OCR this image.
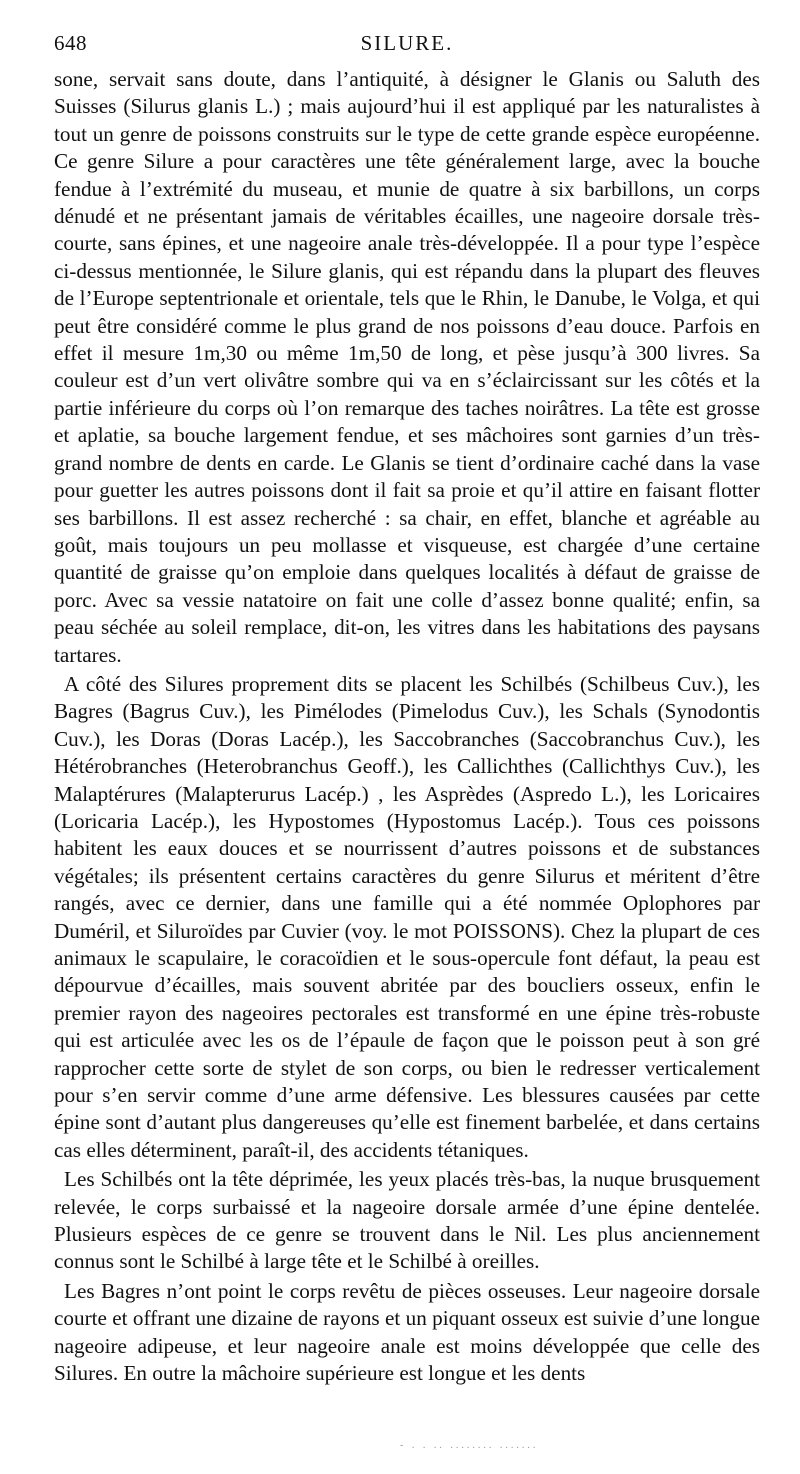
648	SILURE.

sone, servait sans doute, dans l’antiquité, à désigner le Glanis ou Saluth des Suisses (Silurus glanis L.) ; mais aujourd’hui il est appliqué par les naturalistes à tout un genre de poissons construits sur le type de cette grande espèce européenne. Ce genre Silure a pour caractères une tête généralement large, avec la bouche fendue à l’extrémité du museau, et munie de quatre à six barbillons, un corps dénudé et ne présentant jamais de véritables écailles, une nageoire dorsale très-courte, sans épines, et une nageoire anale très-développée. Il a pour type l’espèce ci-dessus mentionnée, le Silure glanis, qui est répandu dans la plupart des fleuves de l’Europe septentrionale et orientale, tels que le Rhin, le Danube, le Volga, et qui peut être considéré comme le plus grand de nos poissons d’eau douce. Parfois en effet il mesure 1m,30 ou même 1m,50 de long, et pèse jusqu’à 300 livres. Sa couleur est d’un vert olivâtre sombre qui va en s’éclaircissant sur les côtés et la partie inférieure du corps où l’on remarque des taches noirâtres. La tête est grosse et aplatie, sa bouche largement fendue, et ses mâchoires sont garnies d’un très-grand nombre de dents en carde. Le Glanis se tient d’ordinaire caché dans la vase pour guetter les autres poissons dont il fait sa proie et qu’il attire en faisant flotter ses barbillons. Il est assez recherché : sa chair, en effet, blanche et agréable au goût, mais toujours un peu mollasse et visqueuse, est chargée d’une certaine quantité de graisse qu’on emploie dans quelques localités à défaut de graisse de porc. Avec sa vessie natatoire on fait une colle d’assez bonne qualité; enfin, sa peau séchée au soleil remplace, dit-on, les vitres dans les habitations des paysans tartares.

A côté des Silures proprement dits se placent les Schilbés (Schilbeus Cuv.), les Bagres (Bagrus Cuv.), les Pimélodes (Pimelodus Cuv.), les Schals (Synodontis Cuv.), les Doras (Doras Lacép.), les Saccobranches (Saccobranchus Cuv.), les Hétérobranches (Heterobranchus Geoff.), les Callichthes (Callichthys Cuv.), les Malaptérures (Malapterurus Lacép.) , les Asprèdes (Aspredo L.), les Loricaires (Loricaria Lacép.), les Hypostomes (Hypostomus Lacép.). Tous ces poissons habitent les eaux douces et se nourrissent d’autres poissons et de substances végétales; ils présentent certains caractères du genre Silurus et méritent d’être rangés, avec ce dernier, dans une famille qui a été nommée Oplophores par Duméril, et Siluroïdes par Cuvier (voy. le mot POISSONS). Chez la plupart de ces animaux le scapulaire, le coracoïdien et le sous-opercule font défaut, la peau est dépourvue d’écailles, mais souvent abritée par des boucliers osseux, enfin le premier rayon des nageoires pectorales est transformé en une épine très-robuste qui est articulée avec les os de l’épaule de façon que le poisson peut à son gré rapprocher cette sorte de stylet de son corps, ou bien le redresser verticalement pour s’en servir comme d’une arme défensive. Les blessures causées par cette épine sont d’autant plus dangereuses qu’elle est finement barbelée, et dans certains cas elles déterminent, paraît-il, des accidents tétaniques.

Les Schilbés ont la tête déprimée, les yeux placés très-bas, la nuque brusquement relevée, le corps surbaissé et la nageoire dorsale armée d’une épine dentelée. Plusieurs espèces de ce genre se trouvent dans le Nil. Les plus anciennement connus sont le Schilbé à large tête et le Schilbé à oreilles.

Les Bagres n’ont point le corps revêtu de pièces osseuses. Leur nageoire dorsale courte et offrant une dizaine de rayons et un piquant osseux est suivie d’une longue nageoire adipeuse, et leur nageoire anale est moins développée que celle des Silures. En outre la mâchoire supérieure est longue et les dents

- . . .. ........ .......
